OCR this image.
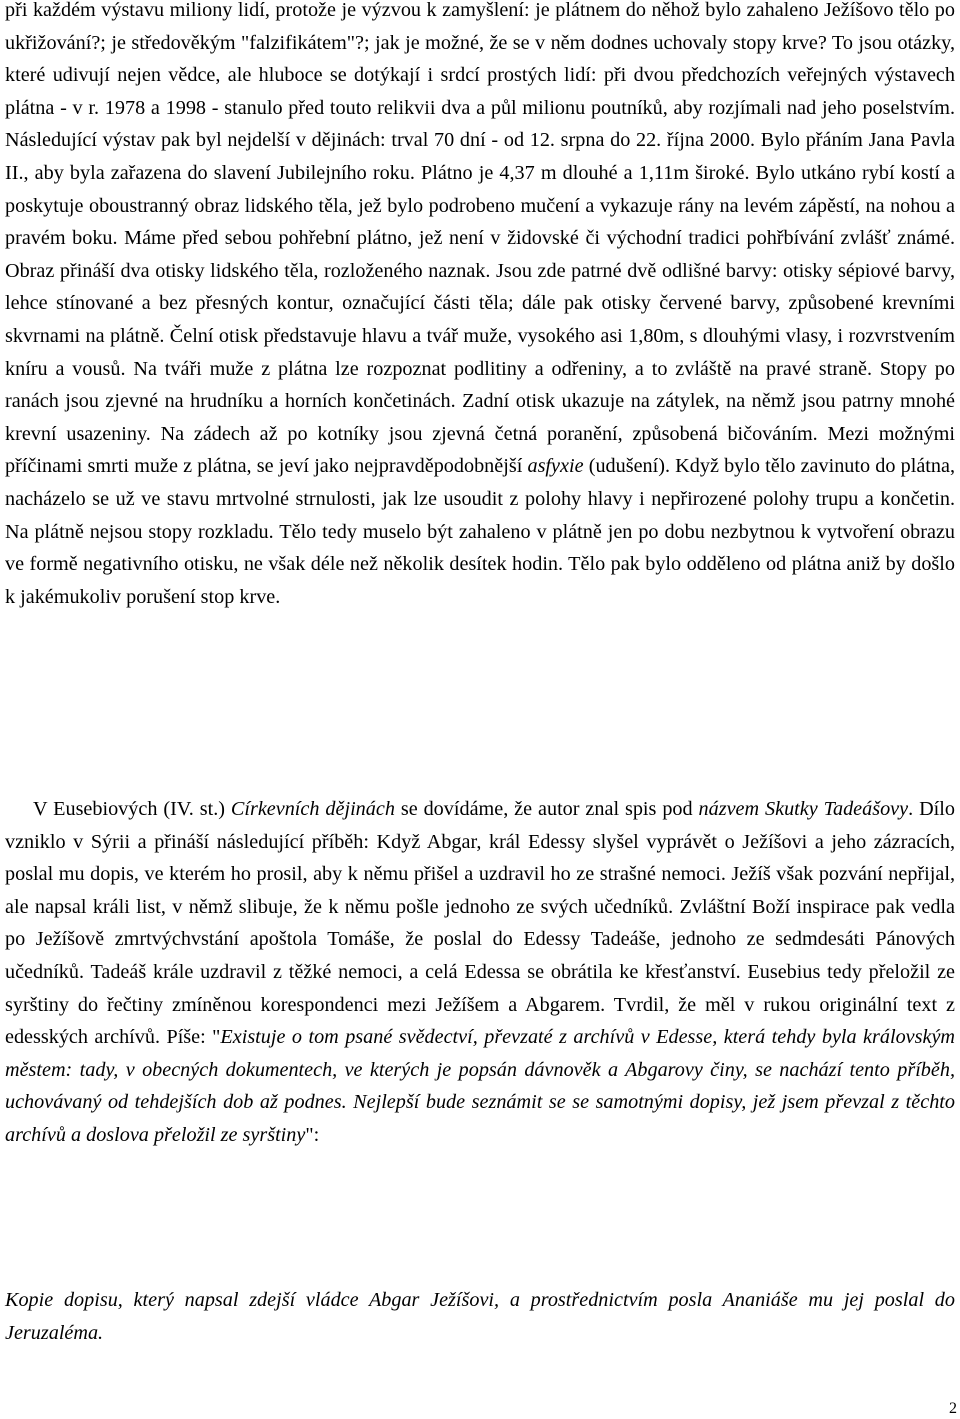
při každém výstavu miliony lidí, protože je výzvou k zamyšlení: je plátnem do něhož bylo zahaleno Ježíšovo tělo po ukřižování?; je středověkým "falzifikátem"?; jak je možné, že se v něm dodnes uchovaly stopy krve? To jsou otázky, které udivují nejen vědce, ale hluboce se dotýkají i srdcí prostých lidí: při dvou předchozích veřejných výstavech plátna - v r. 1978 a 1998 - stanulo před touto relikvii dva a půl milionu poutníků, aby rozjímali nad jeho poselstvím. Následující výstav pak byl nejdelší v dějinách: trval 70 dní - od 12. srpna do 22. října 2000. Bylo přáním Jana Pavla II., aby byla zařazena do slavení Jubilejního roku. Plátno je 4,37 m dlouhé a 1,11m široké. Bylo utkáno rybí kostí a poskytuje oboustranný obraz lidského těla, jež bylo podrobeno mučení a vykazuje rány na levém zápěstí, na nohou a pravém boku. Máme před sebou pohřební plátno, jež není v židovské či východní tradici pohřbívání zvlášť známé. Obraz přináší dva otisky lidského těla, rozloženého naznak. Jsou zde patrné dvě odlišné barvy: otisky sépiové barvy, lehce stínované a bez přesných kontur, označující části těla; dále pak otisky červené barvy, způsobené krevními skvrnami na plátně. Čelní otisk představuje hlavu a tvář muže, vysokého asi 1,80m, s dlouhými vlasy, i rozvrstvením kníru a vousů. Na tváři muže z plátna lze rozpoznat podlitiny a odřeniny, a to zvláště na pravé straně. Stopy po ranách jsou zjevné na hrudníku a horních končetinách. Zadní otisk ukazuje na zátylek, na němž jsou patrny mnohé krevní usazeniny. Na zádech až po kotníky jsou zjevná četná poranění, způsobená bičováním. Mezi možnými příčinami smrti muže z plátna, se jeví jako nejpravděpodobnější asfyxie (udušení). Když bylo tělo zavinuto do plátna, nacházelo se už ve stavu mrtvolné strnulosti, jak lze usoudit z polohy hlavy i nepřirozené polohy trupu a končetin. Na plátně nejsou stopy rozkladu. Tělo tedy muselo být zahaleno v plátně jen po dobu nezbytnou k vytvoření obrazu ve formě negativního otisku, ne však déle než několik desítek hodin. Tělo pak bylo odděleno od plátna aniž by došlo k jakémukoliv porušení stop krve.

V Eusebiových (IV. st.) Církevních dějinách se dovídáme, že autor znal spis pod názvem Skutky Tadeášovy. Dílo vzniklo v Sýrii a přináší následující příběh: Když Abgar, král Edessy slyšel vyprávět o Ježíšovi a jeho zázracích, poslal mu dopis, ve kterém ho prosil, aby k němu přišel a uzdravil ho ze strašné nemoci. Ježíš však pozvání nepřijal, ale napsal králi list, v němž slibuje, že k němu pošle jednoho ze svých učedníků. Zvláštní Boží inspirace pak vedla po Ježíšově zmrtvýchvstání apoštola Tomáše, že poslal do Edessy Tadeáše, jednoho ze sedmdesáti Pánových učedníků. Tadeáš krále uzdravil z těžké nemoci, a celá Edessa se obrátila ke křesťanství. Eusebius tedy přeložil ze syrštiny do řečtiny zmíněnou korespondenci mezi Ježíšem a Abgarem. Tvrdil, že měl v rukou originální text z edesských archívů. Píše: "Existuje o tom psané svědectví, převzaté z archívů v Edesse, která tehdy byla královským městem: tady, v obecných dokumentech, ve kterých je popsán dávnověk a Abgarovy činy, se nachází tento příběh, uchovávaný od tehdejších dob až podnes. Nejlepší bude seznámit se se samotnými dopisy, jež jsem převzal z těchto archívů a doslova přeložil ze syrštiny":

Kopie dopisu, který napsal zdejší vládce Abgar Ježíšovi, a prostřednictvím posla Ananiáše mu jej poslal do Jeruzaléma.

2
